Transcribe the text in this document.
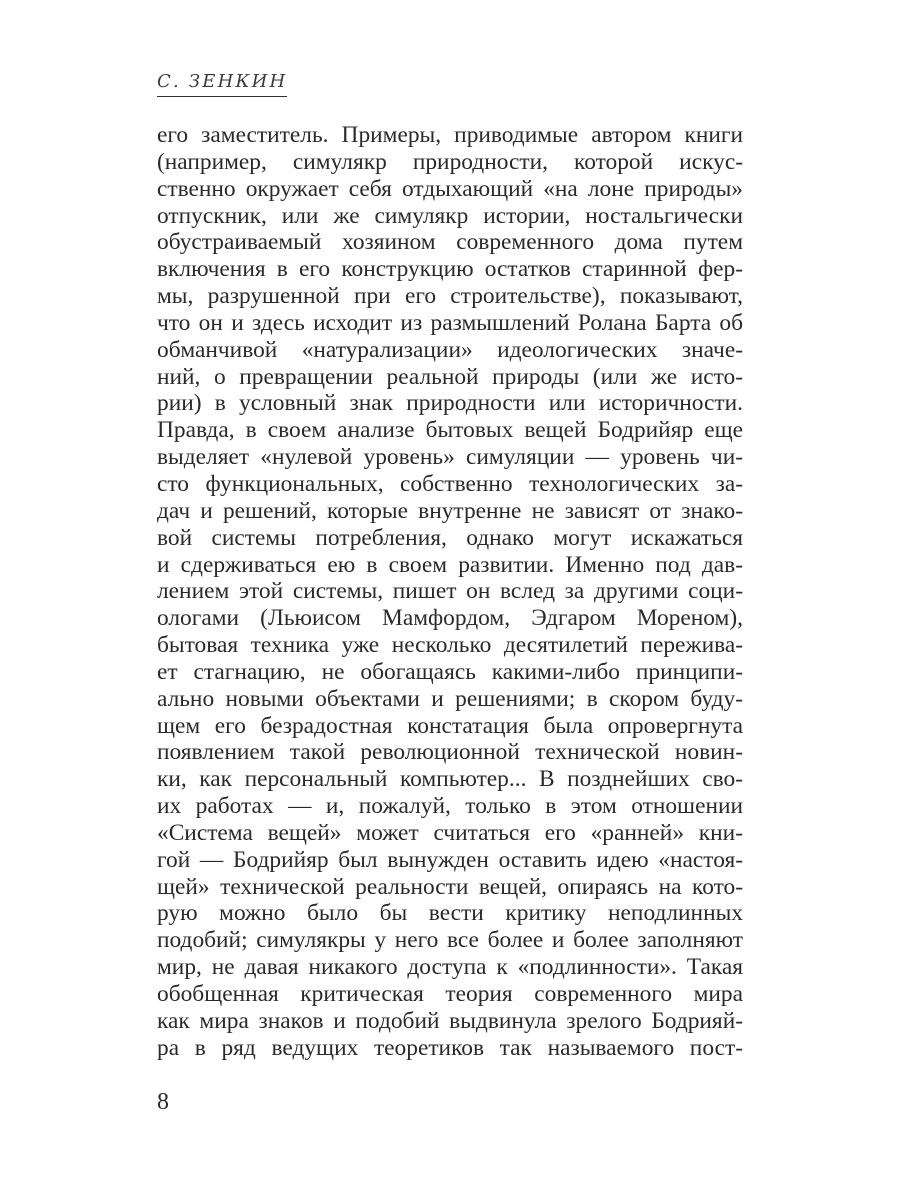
С. ЗЕНКИН
его заместитель. Примеры, приводимые автором книги
(например, симулякр природности, которой искус-
ственно окружает себя отдыхающий «на лоне природы»
отпускник, или же симулякр истории, ностальгически
обустраиваемый хозяином современного дома путем
включения в его конструкцию остатков старинной фер-
мы, разрушенной при его строительстве), показывают,
что он и здесь исходит из размышлений Ролана Барта об
обманчивой «натурализации» идеологических значе-
ний, о превращении реальной природы (или же исто-
рии) в условный знак природности или историчности.
Правда, в своем анализе бытовых вещей Бодрийяр еще
выделяет «нулевой уровень» симуляции — уровень чи-
сто функциональных, собственно технологических за-
дач и решений, которые внутренне не зависят от знако-
вой системы потребления, однако могут искажаться
и сдерживаться ею в своем развитии. Именно под дав-
лением этой системы, пишет он вслед за другими соци-
ологами (Льюисом Мамфордом, Эдгаром Мореном),
бытовая техника уже несколько десятилетий пережива-
ет стагнацию, не обогащаясь какими-либо принципи-
ально новыми объектами и решениями; в скором буду-
щем его безрадостная констатация была опровергнута
появлением такой революционной технической новин-
ки, как персональный компьютер... В позднейших сво-
их работах — и, пожалуй, только в этом отношении
«Система вещей» может считаться его «ранней» кни-
гой — Бодрийяр был вынужден оставить идею «настоя-
щей» технической реальности вещей, опираясь на кото-
рую можно было бы вести критику неподлинных
подобий; симулякры у него все более и более заполняют
мир, не давая никакого доступа к «подлинности». Такая
обобщенная критическая теория современного мира
как мира знаков и подобий выдвинула зрелого Бодрияй-
ра в ряд ведущих теоретиков так называемого пост-
8
